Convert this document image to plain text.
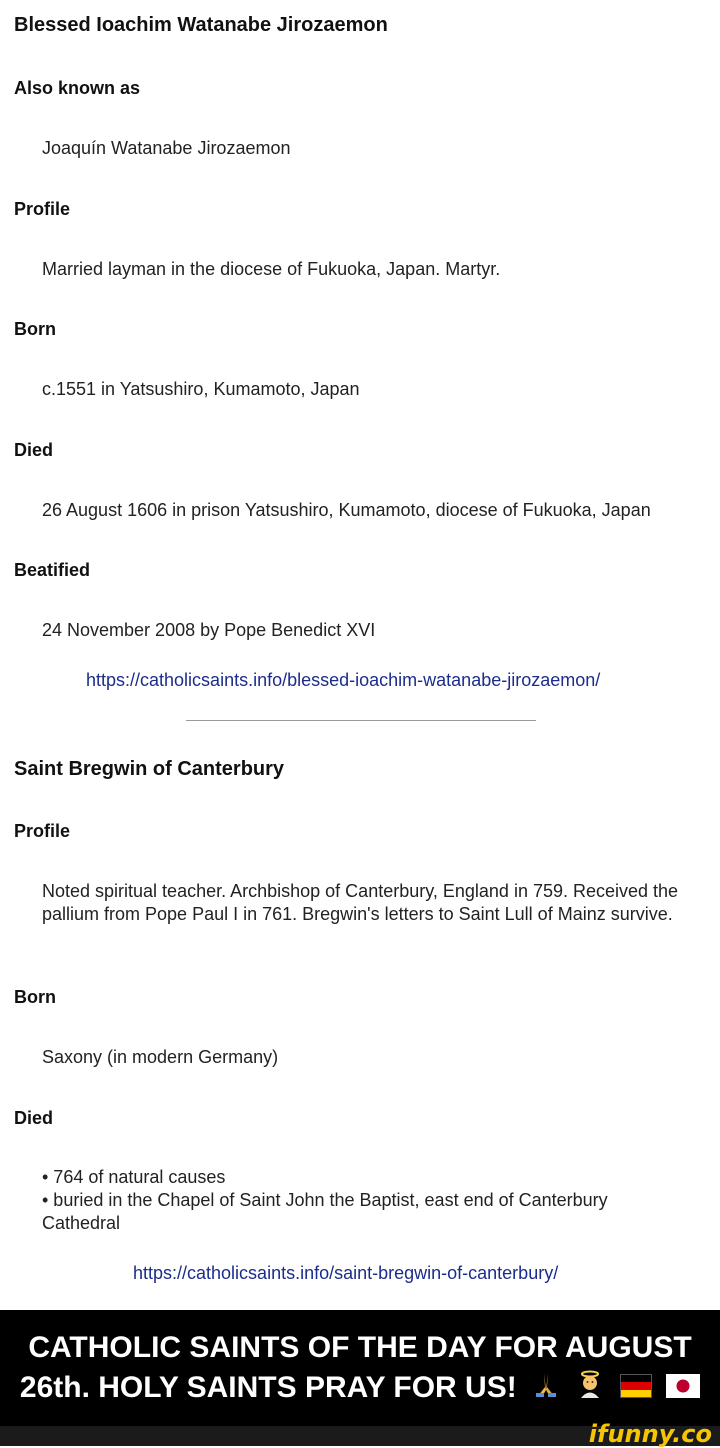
Blessed Ioachim Watanabe Jirozaemon
Also known as
Joaquín Watanabe Jirozaemon
Profile
Married layman in the diocese of Fukuoka, Japan. Martyr.
Born
c.1551 in Yatsushiro, Kumamoto, Japan
Died
26 August 1606 in prison Yatsushiro, Kumamoto, diocese of Fukuoka, Japan
Beatified
24 November 2008 by Pope Benedict XVI
https://catholicsaints.info/blessed-ioachim-watanabe-jirozaemon/
Saint Bregwin of Canterbury
Profile
Noted spiritual teacher. Archbishop of Canterbury, England in 759. Received the pallium from Pope Paul I in 761. Bregwin's letters to Saint Lull of Mainz survive.
Born
Saxony (in modern Germany)
Died
• 764 of natural causes
• buried in the Chapel of Saint John the Baptist, east end of Canterbury Cathedral
https://catholicsaints.info/saint-bregwin-of-canterbury/
CATHOLIC SAINTS OF THE DAY FOR AUGUST
26th. HOLY SAINTS PRAY FOR US!
ifunny.co
